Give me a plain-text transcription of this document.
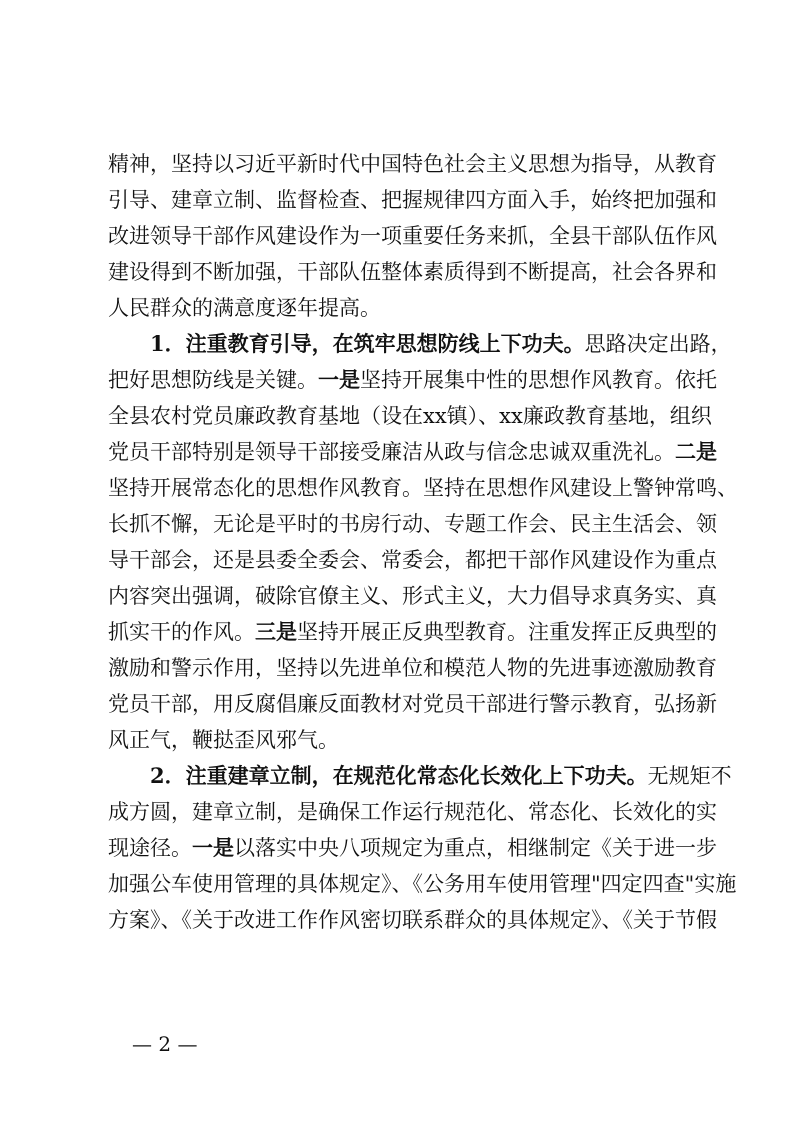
精神，坚持以习近平新时代中国特色社会主义思想为指导，从教育
引导、建章立制、监督检查、把握规律四方面入手，始终把加强和
改进领导干部作风建设作为一项重要任务来抓，全县干部队伍作风
建设得到不断加强，干部队伍整体素质得到不断提高，社会各界和
人民群众的满意度逐年提高。
1．注重教育引导，在筑牢思想防线上下功夫。思路决定出路，
把好思想防线是关键。一是坚持开展集中性的思想作风教育。依托
全县农村党员廉政教育基地（设在xx镇）、xx廉政教育基地，组织
党员干部特别是领导干部接受廉洁从政与信念忠诚双重洗礼。二是
坚持开展常态化的思想作风教育。坚持在思想作风建设上警钟常鸣、
长抓不懈，无论是平时的书房行动、专题工作会、民主生活会、领
导干部会，还是县委全委会、常委会，都把干部作风建设作为重点
内容突出强调，破除官僚主义、形式主义，大力倡导求真务实、真
抓实干的作风。三是坚持开展正反典型教育。注重发挥正反典型的
激励和警示作用，坚持以先进单位和模范人物的先进事迹激励教育
党员干部，用反腐倡廉反面教材对党员干部进行警示教育，弘扬新
风正气，鞭挞歪风邪气。
2．注重建章立制，在规范化常态化长效化上下功夫。无规矩不
成方圆，建章立制，是确保工作运行规范化、常态化、长效化的实
现途径。一是以落实中央八项规定为重点，相继制定《关于进一步
加强公车使用管理的具体规定》、《公务用车使用管理"四定四查"实施
方案》、《关于改进工作作风密切联系群众的具体规定》、《关于节假
— 2 —
